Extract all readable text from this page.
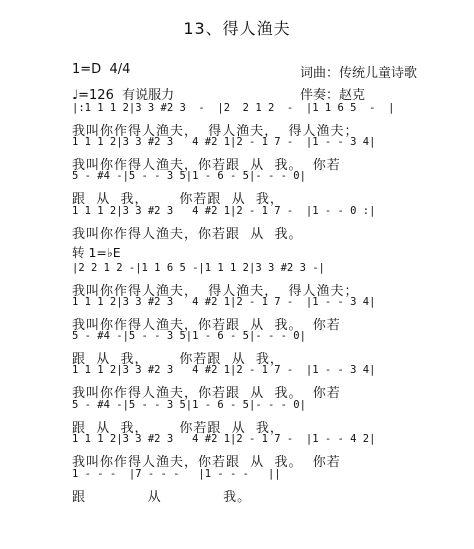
13、得人渔夫
1=D  4/4	词曲：传统儿童诗歌
♩=126  有说服力	伴奏：赵克
|:1 1 1 2|3 3 #2 3  -  |2  2 1 2  -  |1 1 6 5  -  |
我叫你作得人渔夫，  得人渔夫，  得人渔夫；
1 1 1 2|3 3 #2 3   4 #2 1|2 - 1 7 -  |1 - - 3 4|
我叫你作得人渔夫，你若跟  从  我。  你若
5 - #4 -|5 - - 3 5|1 - 6 - 5|- - - 0|
跟  从  我，      你若跟  从  我，
1 1 1 2|3 3 #2 3   4 #2 1|2 - 1 7 -  |1 - - 0 :|
我叫你作得人渔夫，你若跟  从  我。
|2 2 1 2 -|1 1 6 5 -|1 1 1 2|3 3 #2 3 -|
我叫你作得人渔夫，  得人渔夫，  得人渔夫；
1 1 1 2|3 3 #2 3   4 #2 1|2 - 1 7 -  |1 - - 3 4|
我叫你作得人渔夫，你若跟  从  我。  你若
5 - #4 -|5 - - 3 5|1 - 6 - 5|- - - 0|
跟  从  我，      你若跟  从  我，
1 1 1 2|3 3 #2 3   4 #2 1|2 - 1 7 -  |1 - - 3 4|
我叫你作得人渔夫，你若跟  从  我。  你若
5 - #4 -|5 - - 3 5|1 - 6 - 5|- - - 0|
跟  从  我，      你若跟  从  我，
1 1 1 2|3 3 #2 3   4 #2 1|2 - 1 7 -  |1 - - 4 2|
我叫你作得人渔夫，你若跟  从  我。  你若
1 - - -  |7 - - -   |1 - - -   ||
跟            从            我。
转 1=♭E
